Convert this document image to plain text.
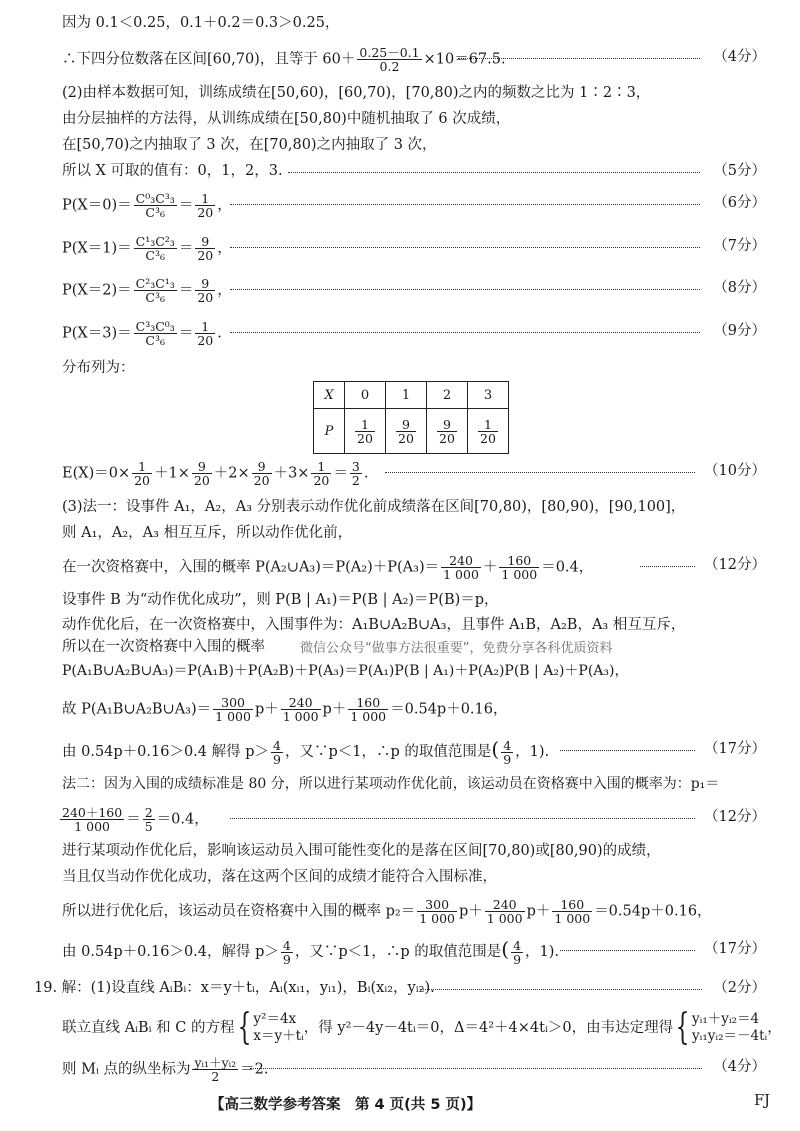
因为 0.1＜0.25，0.1＋0.2＝0.3＞0.25，
∴下四分位数落在区间[60,70)，且等于 $60+ \frac{0.25-0.1}{0.2} \times 10=67.5$.	（4分）
(2)由样本数据可知，训练成绩在[50,60)，[60,70)，[70,80)之内的频数之比为 1∶2∶3，
由分层抽样的方法得，从训练成绩在[50,80)中随机抽取了 6 次成绩，
在[50,70)之内抽取了 3 次，在[70,80)之内抽取了 3 次，
所以 X 可取的值有：0，1，2，3.	（5分）
$P(X=0)= \frac{\text{C⁰₃C³₃}}{\text{C³₆}} = \frac{1}{20}$ ，	（6分）
$P(X=1)= \frac{\text{C¹₃C²₃}}{\text{C³₆}} = \frac{9}{20}$ ，	（7分）
$P(X=2)= \frac{\text{C²₃C¹₃}}{\text{C³₆}} = \frac{9}{20}$ ，	（8分）
$P(X=3)= \frac{\text{C³₃C⁰₃}}{\text{C³₆}} = \frac{1}{20}$ .	（9分）
分布列为：
X	0	1	2	3
P	$\frac{1}{20}$	$\frac{9}{20}$	$\frac{9}{20}$	$\frac{1}{20}$
$E(X)=0\times \frac{1}{20} +1\times \frac{9}{20} +2\times \frac{9}{20} +3\times \frac{1}{20} = \frac{3}{2}$ .	（10分）
(3)法一：设事件 A₁，A₂，A₃ 分别表示动作优化前成绩落在区间[70,80)，[80,90)，[90,100]，
则 A₁，A₂，A₃ 相互互斥，所以动作优化前，
在一次资格赛中，入围的概率 P(A₂∪A₃)＝P(A₂)＋P(A₃)＝ $\frac{240}{1 000} + \frac{160}{1 000} =0.4$，	（12分）
设事件 B 为“动作优化成功”，则 P(B | A₁)＝P(B | A₂)＝P(B)＝p，
动作优化后，在一次资格赛中，入围事件为：A₁B∪A₂B∪A₃，且事件 A₁B，A₂B，A₃ 相互互斥，
所以在一次资格赛中入围的概率	微信公众号“做事方法很重要”，免费分享各科优质资料
P(A₁B∪A₂B∪A₃)＝P(A₁B)＋P(A₂B)＋P(A₃)＝P(A₁)P(B | A₁)＋P(A₂)P(B | A₂)＋P(A₃)，
故 P(A₁B∪A₂B∪A₃)＝ $\frac{300}{1 000} p+ \frac{240}{1 000} p+ \frac{160}{1 000} =0.54p+0.16$，
由 0.54p＋0.16＞0.4 解得 $p> \frac{4}{9}$ ，又∵p＜1，∴p 的取值范围是( $\frac{4}{9}$ ，1).	（17分）
法二：因为入围的成绩标准是 80 分，所以进行某项动作优化前，该运动员在资格赛中入围的概率为：p₁＝
$\frac{240+160}{1 000} = \frac{2}{5} =0.4$，	（12分）
进行某项动作优化后，影响该运动员入围可能性变化的是落在区间[70,80)或[80,90)的成绩，
当且仅当动作优化成功，落在这两个区间的成绩才能符合入围标准，
所以进行优化后，该运动员在资格赛中入围的概率 $p_2= \frac{300}{1 000} p+ \frac{240}{1 000} p+ \frac{160}{1 000} =0.54p+0.16$，
由 0.54p＋0.16＞0.4，解得 $p> \frac{4}{9}$ ，又∵p＜1，∴p 的取值范围是( $\frac{4}{9}$ ，1).	（17分）
19. 解：(1)设直线 AᵢBᵢ：x＝y＋tᵢ，Aᵢ(xᵢ₁，yᵢ₁)，Bᵢ(xᵢ₂，yᵢ₂).	（2分）
联立直线 AᵢBᵢ 和 C 的方程{ y²＝4x
x＝y＋tᵢ ，得 y²－4y－4tᵢ＝0，Δ＝4²＋4×4tᵢ＞0，由韦达定理得{ yᵢ₁＋yᵢ₂＝4
yᵢ₁yᵢ₂＝－4tᵢ ，
则 Mᵢ 点的纵坐标为 $\frac{\text{yᵢ₁＋yᵢ₂}}{2} =2$.	（4分）
【高三数学参考答案　第 4 页(共 5 页)】	FJ
